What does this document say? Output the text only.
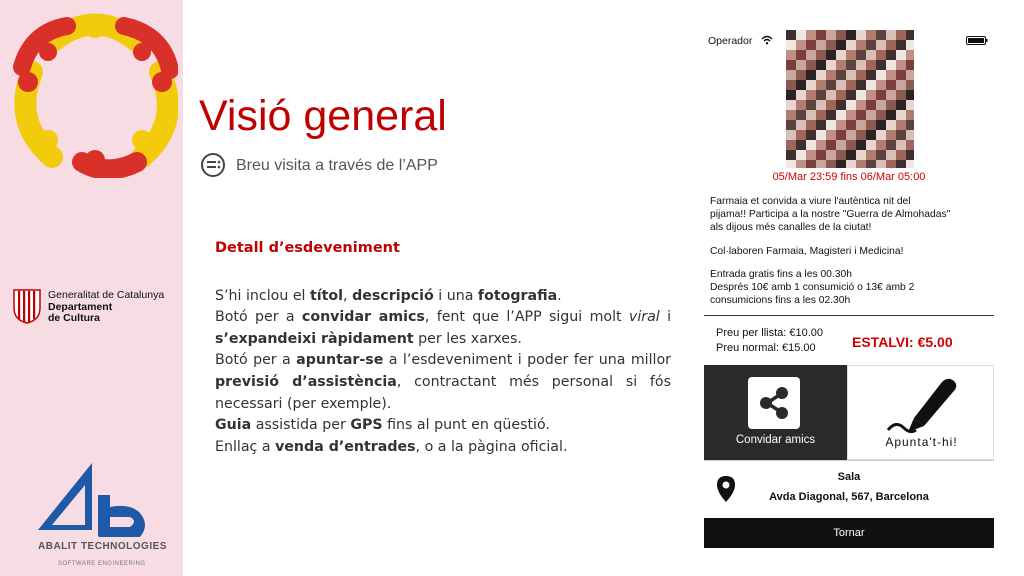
Generalitat de Catalunya
Departament
de Cultura
ABALIT TECHNOLOGIES
SOFTWARE ENGINEERING
Visió general
Breu visita a través de l’APP
Detall d’esdeveniment

S’hi inclou el títol, descripció i una fotografia.

Botó per a convidar amics, fent que l’APP sigui molt viral i s’expandeixi ràpidament per les xarxes.

Botó per a apuntar-se a l’esdeveniment i poder fer una millor previsió d’assistència, contractant més personal si fós necessari (per exemple).

Guia assistida per GPS fins al punt en qüestió.

Enllaç a venda d’entrades, o a la pàgina oficial.

Operador
05/Mar 23:59 fins 06/Mar 05:00
Farmaia et convida a viure l'autèntica nit del
pijama!! Participa a la nostre "Guerra de Almohadas"
als dijous més canalles de la ciutat!
Col·laboren Farmaia, Magisteri i Medicina!
Entrada gratis fins a les 00.30h
Després 10€ amb 1 consumició o 13€ amb 2
consumicions fins a les 02.30h
Preu per llista: €10.00
Preu normal: €15.00	ESTALVI: €5.00
Convidar amics	Apunta't-hi!
Sala
Avda Diagonal, 567, Barcelona
Tornar
